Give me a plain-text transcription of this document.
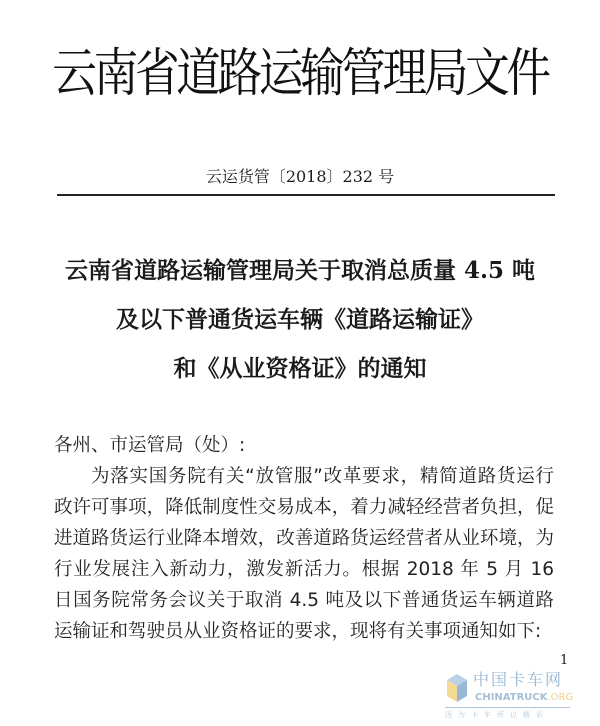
云南省道路运输管理局文件
云运货管〔2018〕232 号
云南省道路运输管理局关于取消总质量 4.5 吨
及以下普通货运车辆《道路运输证》
和《从业资格证》的通知

各州、市运管局（处）:

为落实国务院有关“放管服”改革要求，精简道路货运行政许可事项，降低制度性交易成本，着力减轻经营者负担，促进道路货运行业降本增效，改善道路货运经营者从业环境，为行业发展注入新动力，激发新活力。根据 2018 年 5 月 16 日国务院常务会议关于取消 4.5 吨及以下普通货运车辆道路运输证和驾驶员从业资格证的要求，现将有关事项通知如下:

1
中国卡车网
CHINATRUCK.ORG
因为卡车所以精彩
